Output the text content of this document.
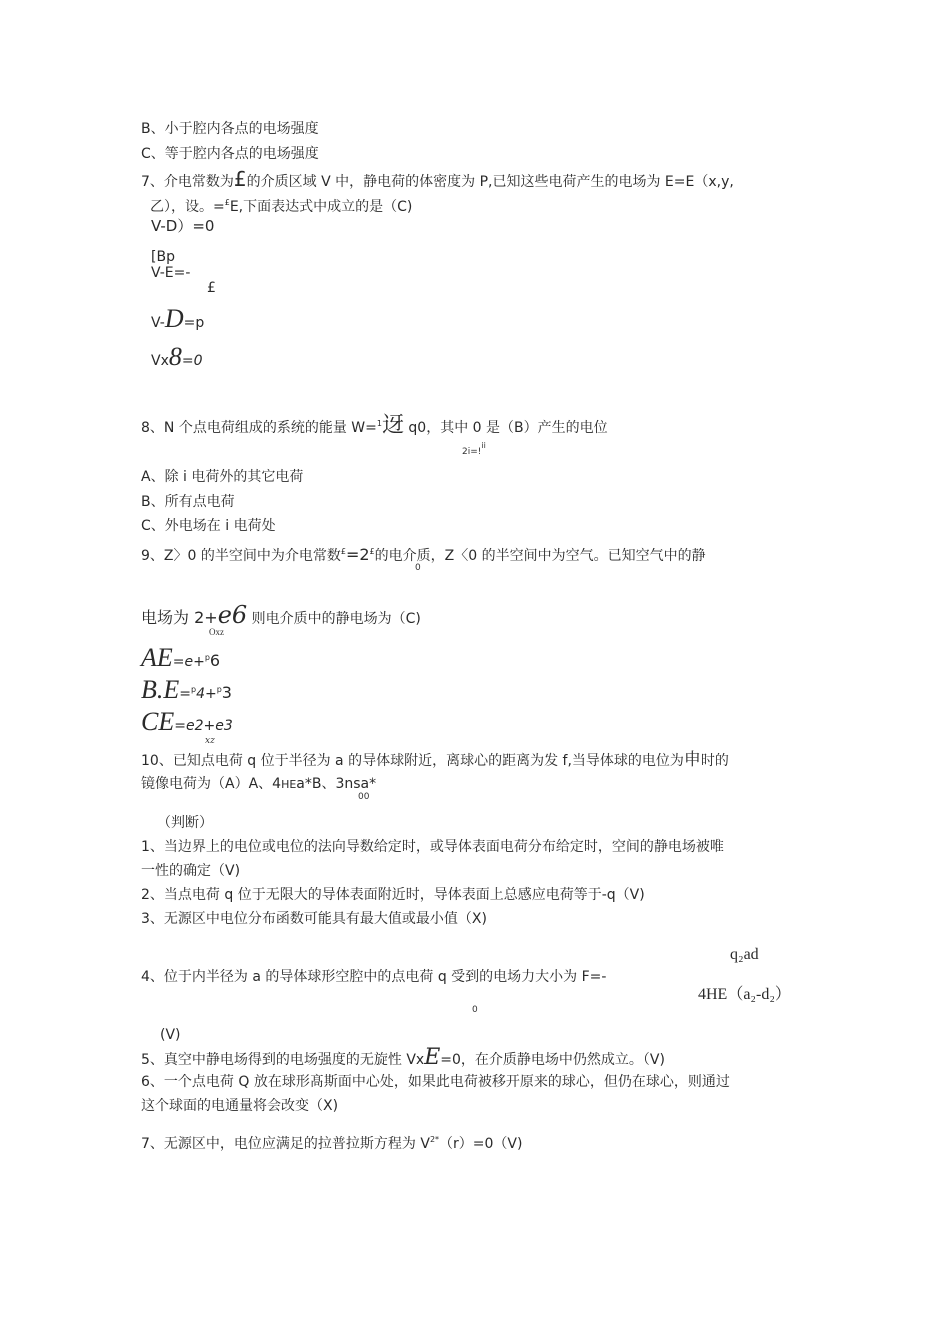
B、小于腔内各点的电场强度
C、等于腔内各点的电场强度
7、介电常数为£的介质区域 V 中，静电荷的体密度为 P,已知这些电荷产生的电场为 E=E（x,y,
乙），设。=£E,下面表达式中成立的是（C)
V-D）=0
[Bp
V-E=-
£
V-D=p
Vx8=0
8、N 个点电荷组成的系统的能量 W=$^1$迓 q0，其中 0 是（B）产生的电位
2i=!ii
A、除 i 电荷外的其它电荷
B、所有点电荷
C、外电场在 i 电荷处
9、Z〉0 的半空间中为介电常数£=2£的电介质，Z〈0 的半空间中为空气。已知空气中的静
0
电场为 2+e6 则电介质中的静电场为（C)
Oxz
AE=e+$^p$6
B.E=$^p$4+$^p$3
CE=e2+e3
xz
10、已知点电荷 q 位于半径为 a 的导体球附近，离球心的距离为发 f,当导体球的电位为申时的
镜像电荷为（A）A、4HEa*B、3nsa*
00
（判断）
1、当边界上的电位或电位的法向导数给定时，或导体表面电荷分布给定时，空间的静电场被唯
一性的确定（V)
2、当点电荷 q 位于无限大的导体表面附近时，导体表面上总感应电荷等于-q（V)
3、无源区中电位分布函数可能具有最大值或最小值（X)
q₂ad
4、位于内半径为 a 的导体球形空腔中的点电荷 q 受到的电场力大小为 F=-
4HE（a₂-d₂）
0
(V)
5、真空中静电场得到的电场强度的无旋性 VxE=0，在介质静电场中仍然成立。（V)
6、一个点电荷 Q 放在球形髙斯面中心处，如果此电荷被移开原来的球心，但仍在球心，则通过
这个球面的电通量将会改变（X)
7、无源区中，电位应满足的拉普拉斯方程为 $V^{2*}(r)=0(V)$
